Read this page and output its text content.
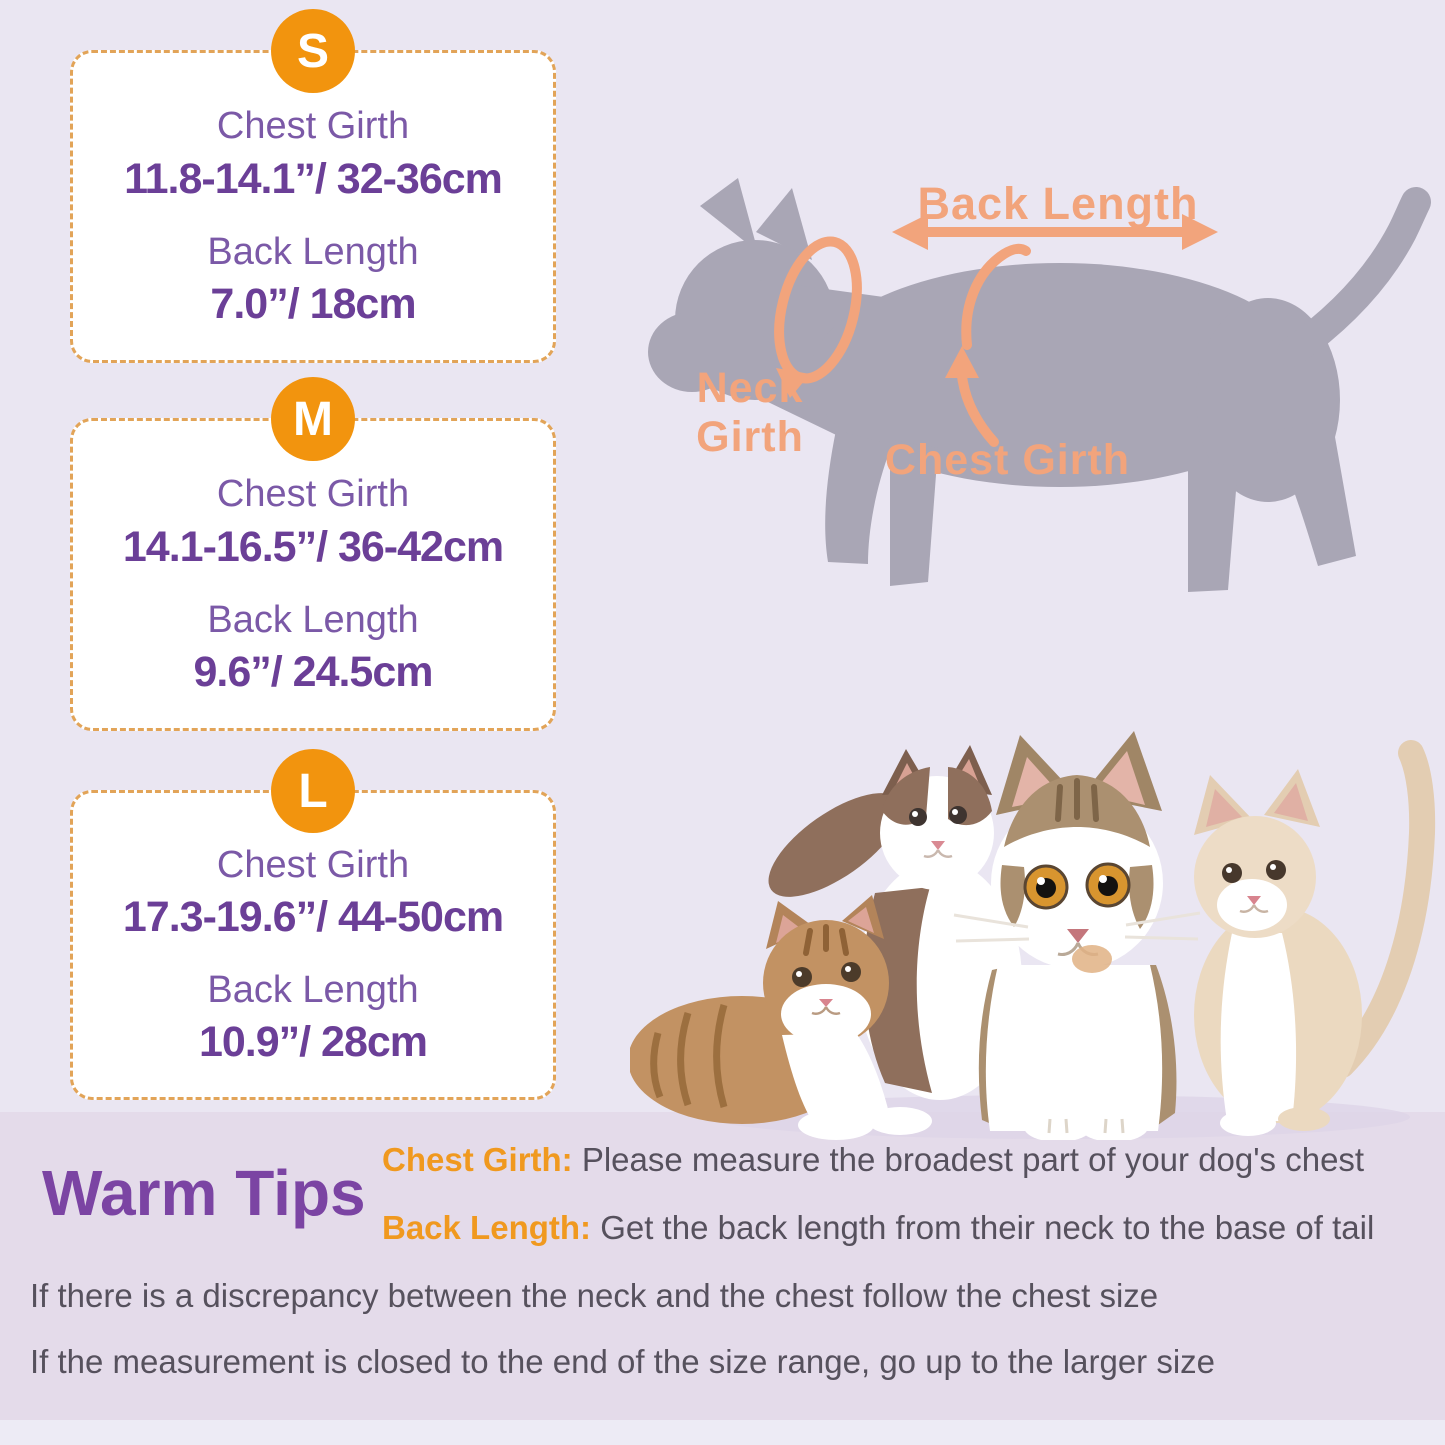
S
Chest Girth
11.8-14.1”/ 32-36cm
Back Length
7.0”/ 18cm
M
Chest Girth
14.1-16.5”/ 36-42cm
Back Length
9.6”/ 24.5cm
L
Chest Girth
17.3-19.6”/ 44-50cm
Back Length
10.9”/ 28cm
Back Length
Neck Girth	Chest Girth
Warm Tips Chest Girth: Please measure the broadest part of your dog's chest
Back Length: Get the back length from their neck to the base of tail
If there is a discrepancy between the neck and the chest follow the chest size
If the measurement is closed to the end of the size range, go up to the larger size
